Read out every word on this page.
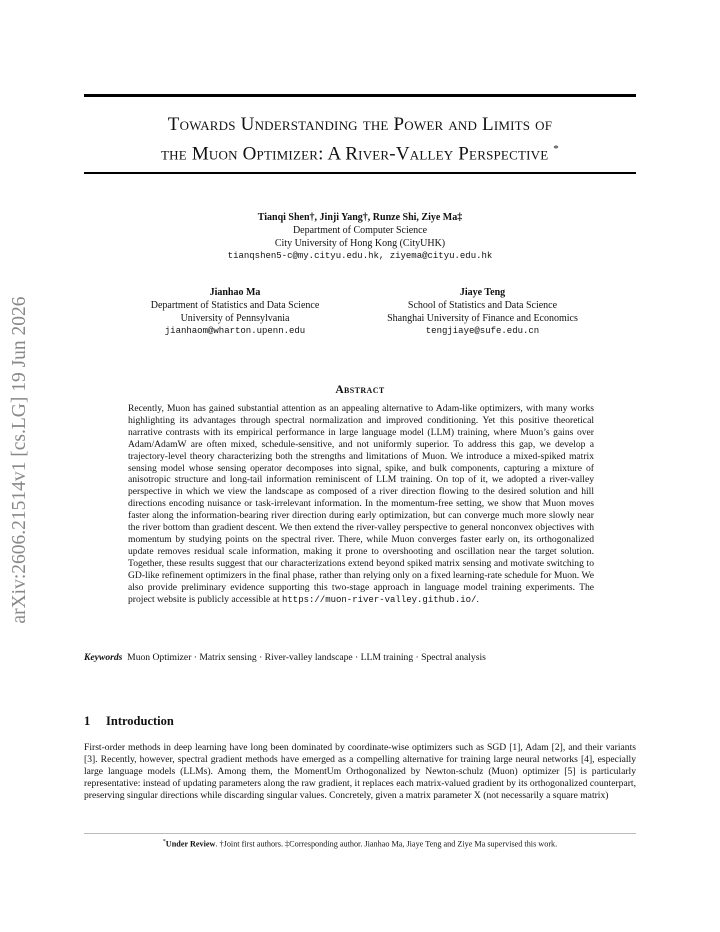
arXiv:2606.21514v1 [cs.LG] 19 Jun 2026
Towards Understanding the Power and Limits of
the Muon Optimizer: A River-Valley Perspective *
Tianqi Shen†, Jinji Yang†, Runze Shi, Ziye Ma‡
Department of Computer Science
City University of Hong Kong (CityUHK)
tianqshen5-c@my.cityu.edu.hk, ziyema@cityu.edu.hk
Jianhao Ma
Department of Statistics and Data Science
University of Pennsylvania
jianhaom@wharton.upenn.edu
Jiaye Teng
School of Statistics and Data Science
Shanghai University of Finance and Economics
tengjiaye@sufe.edu.cn
Abstract
Recently, Muon has gained substantial attention as an appealing alternative to Adam-like optimizers, with many works highlighting its advantages through spectral normalization and improved conditioning. Yet this positive theoretical narrative contrasts with its empirical performance in large language model (LLM) training, where Muon’s gains over Adam/AdamW are often mixed, schedule-sensitive, and not uniformly superior. To address this gap, we develop a trajectory-level theory characterizing both the strengths and limitations of Muon. We introduce a mixed-spiked matrix sensing model whose sensing operator decomposes into signal, spike, and bulk components, capturing a mixture of anisotropic structure and long-tail information reminiscent of LLM training. On top of it, we adopted a river-valley perspective in which we view the landscape as composed of a river direction flowing to the desired solution and hill directions encoding nuisance or task-irrelevant information. In the momentum-free setting, we show that Muon moves faster along the information-bearing river direction during early optimization, but can converge much more slowly near the river bottom than gradient descent. We then extend the river-valley perspective to general nonconvex objectives with momentum by studying points on the spectral river. There, while Muon converges faster early on, its orthogonalized update removes residual scale information, making it prone to overshooting and oscillation near the target solution. Together, these results suggest that our characterizations extend beyond spiked matrix sensing and motivate switching to GD-like refinement optimizers in the final phase, rather than relying only on a fixed learning-rate schedule for Muon. We also provide preliminary evidence supporting this two-stage approach in language model training experiments. The project website is publicly accessible at https://muon-river-valley.github.io/.
Keywords Muon Optimizer · Matrix sensing · River-valley landscape · LLM training · Spectral analysis
1 Introduction
First-order methods in deep learning have long been dominated by coordinate-wise optimizers such as SGD [1], Adam [2], and their variants [3]. Recently, however, spectral gradient methods have emerged as a compelling alternative for training large neural networks [4], especially large language models (LLMs). Among them, the MomentUm Orthogonalized by Newton-schulz (Muon) optimizer [5] is particularly representative: instead of updating parameters along the raw gradient, it replaces each matrix-valued gradient by its orthogonalized counterpart, preserving singular directions while discarding singular values. Concretely, given a matrix parameter X (not necessarily a square matrix)
*Under Review. †Joint first authors. ‡Corresponding author. Jianhao Ma, Jiaye Teng and Ziye Ma supervised this work.
